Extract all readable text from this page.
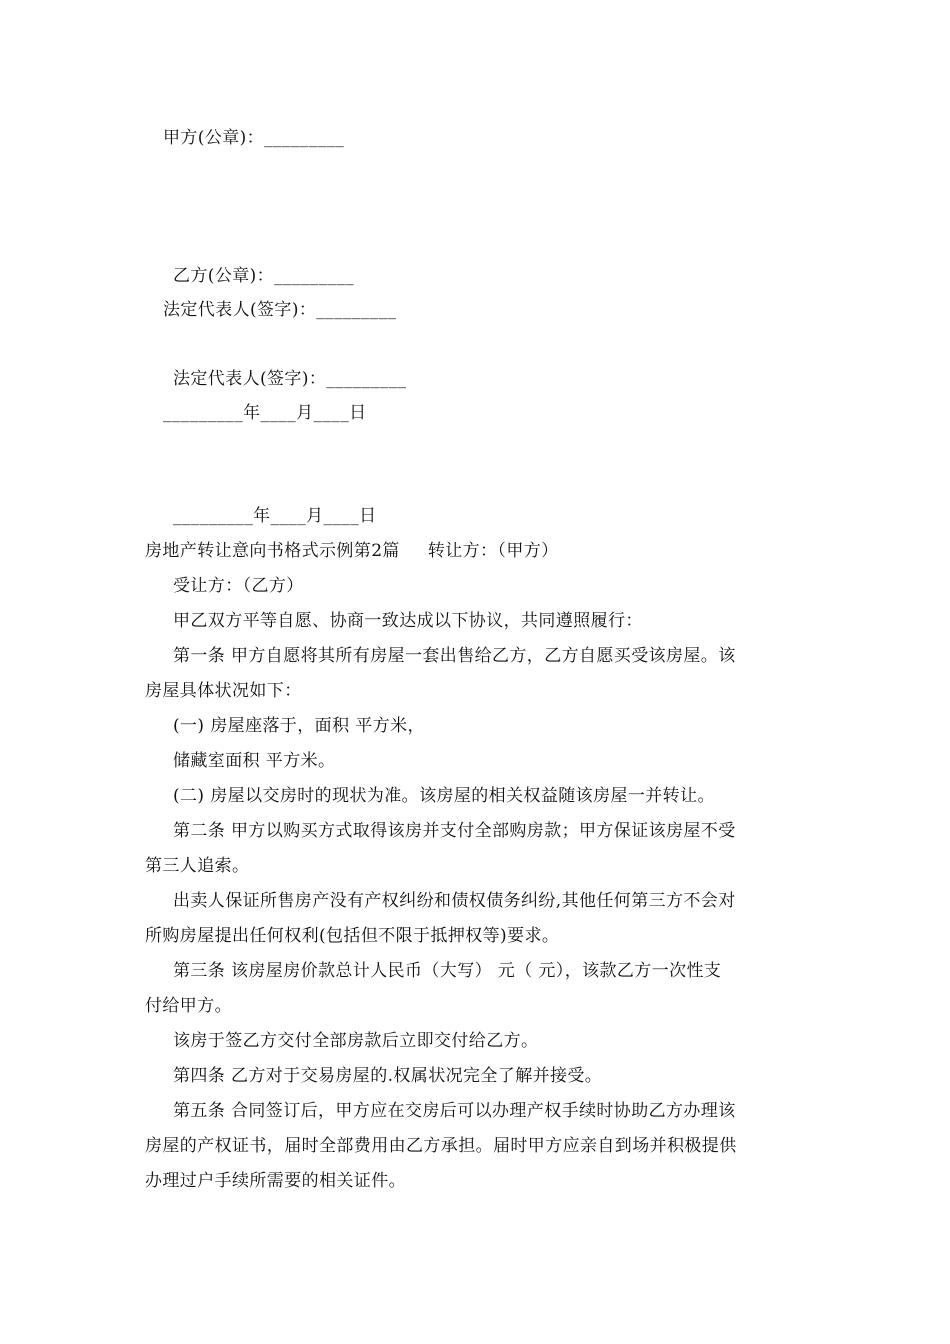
甲方(公章)：_________
乙方(公章)：_________
法定代表人(签字)：_________
法定代表人(签字)：_________
_________年____月____日
_________年____月____日
房地产转让意向书格式示例第2篇 转让方：（甲方）
受让方：（乙方）
甲乙双方平等自愿、协商一致达成以下协议，共同遵照履行：
第一条 甲方自愿将其所有房屋一套出售给乙方，乙方自愿买受该房屋。该
房屋具体状况如下：
(一) 房屋座落于，面积 平方米，
储藏室面积 平方米。
(二) 房屋以交房时的现状为准。该房屋的相关权益随该房屋一并转让。
第二条 甲方以购买方式取得该房并支付全部购房款；甲方保证该房屋不受
第三人追索。
出卖人保证所售房产没有产权纠纷和债权债务纠纷,其他任何第三方不会对
所购房屋提出任何权利(包括但不限于抵押权等)要求。
第三条 该房屋房价款总计人民币（大写） 元（ 元），该款乙方一次性支
付给甲方。
该房于签乙方交付全部房款后立即交付给乙方。
第四条 乙方对于交易房屋的.权属状况完全了解并接受。
第五条 合同签订后，甲方应在交房后可以办理产权手续时协助乙方办理该
房屋的产权证书，届时全部费用由乙方承担。届时甲方应亲自到场并积极提供
办理过户手续所需要的相关证件。
